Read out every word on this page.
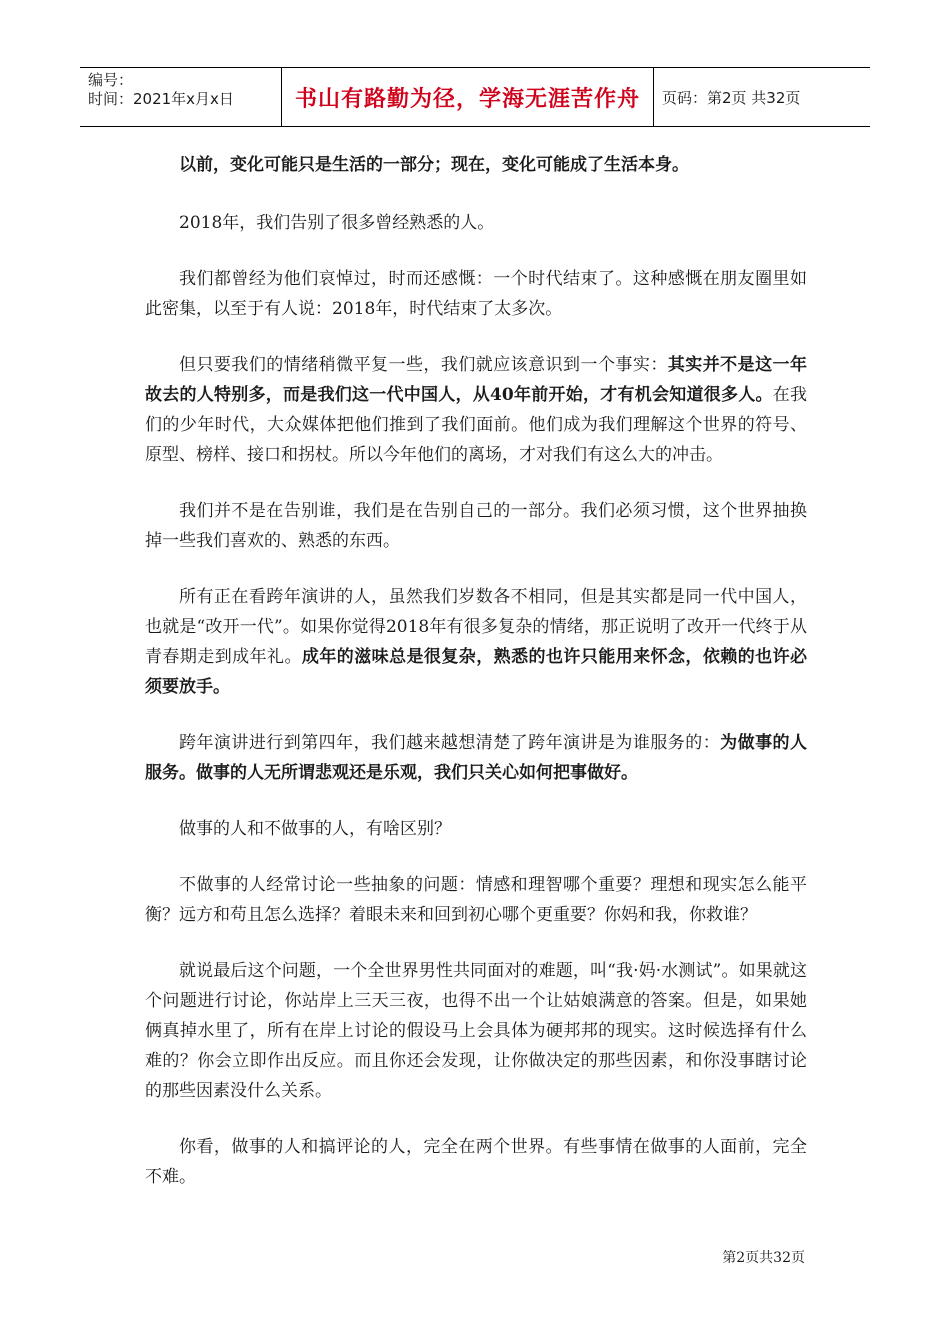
编号：
时间：2021年x月x日	书山有路勤为径，学海无涯苦作舟	页码：第2页 共32页

以前，变化可能只是生活的一部分；现在，变化可能成了生活本身。

2018年，我们告别了很多曾经熟悉的人。

我们都曾经为他们哀悼过，时而还感慨：一个时代结束了。这种感慨在朋友圈里如此密集，以至于有人说：2018年，时代结束了太多次。

但只要我们的情绪稍微平复一些，我们就应该意识到一个事实：其实并不是这一年故去的人特别多，而是我们这一代中国人，从40年前开始，才有机会知道很多人。在我们的少年时代，大众媒体把他们推到了我们面前。他们成为我们理解这个世界的符号、原型、榜样、接口和拐杖。所以今年他们的离场，才对我们有这么大的冲击。

我们并不是在告别谁，我们是在告别自己的一部分。我们必须习惯，这个世界抽换掉一些我们喜欢的、熟悉的东西。

所有正在看跨年演讲的人，虽然我们岁数各不相同，但是其实都是同一代中国人，也就是“改开一代”。如果你觉得2018年有很多复杂的情绪，那正说明了改开一代终于从青春期走到成年礼。成年的滋味总是很复杂，熟悉的也许只能用来怀念，依赖的也许必须要放手。

跨年演讲进行到第四年，我们越来越想清楚了跨年演讲是为谁服务的：为做事的人服务。做事的人无所谓悲观还是乐观，我们只关心如何把事做好。

做事的人和不做事的人，有啥区别？

不做事的人经常讨论一些抽象的问题：情感和理智哪个重要？理想和现实怎么能平衡？远方和苟且怎么选择？着眼未来和回到初心哪个更重要？你妈和我，你救谁？

就说最后这个问题，一个全世界男性共同面对的难题，叫“我·妈·水测试”。如果就这个问题进行讨论，你站岸上三天三夜，也得不出一个让姑娘满意的答案。但是，如果她俩真掉水里了，所有在岸上讨论的假设马上会具体为硬邦邦的现实。这时候选择有什么难的？你会立即作出反应。而且你还会发现，让你做决定的那些因素，和你没事瞎讨论的那些因素没什么关系。

你看，做事的人和搞评论的人，完全在两个世界。有些事情在做事的人面前，完全不难。

第2页共32页
